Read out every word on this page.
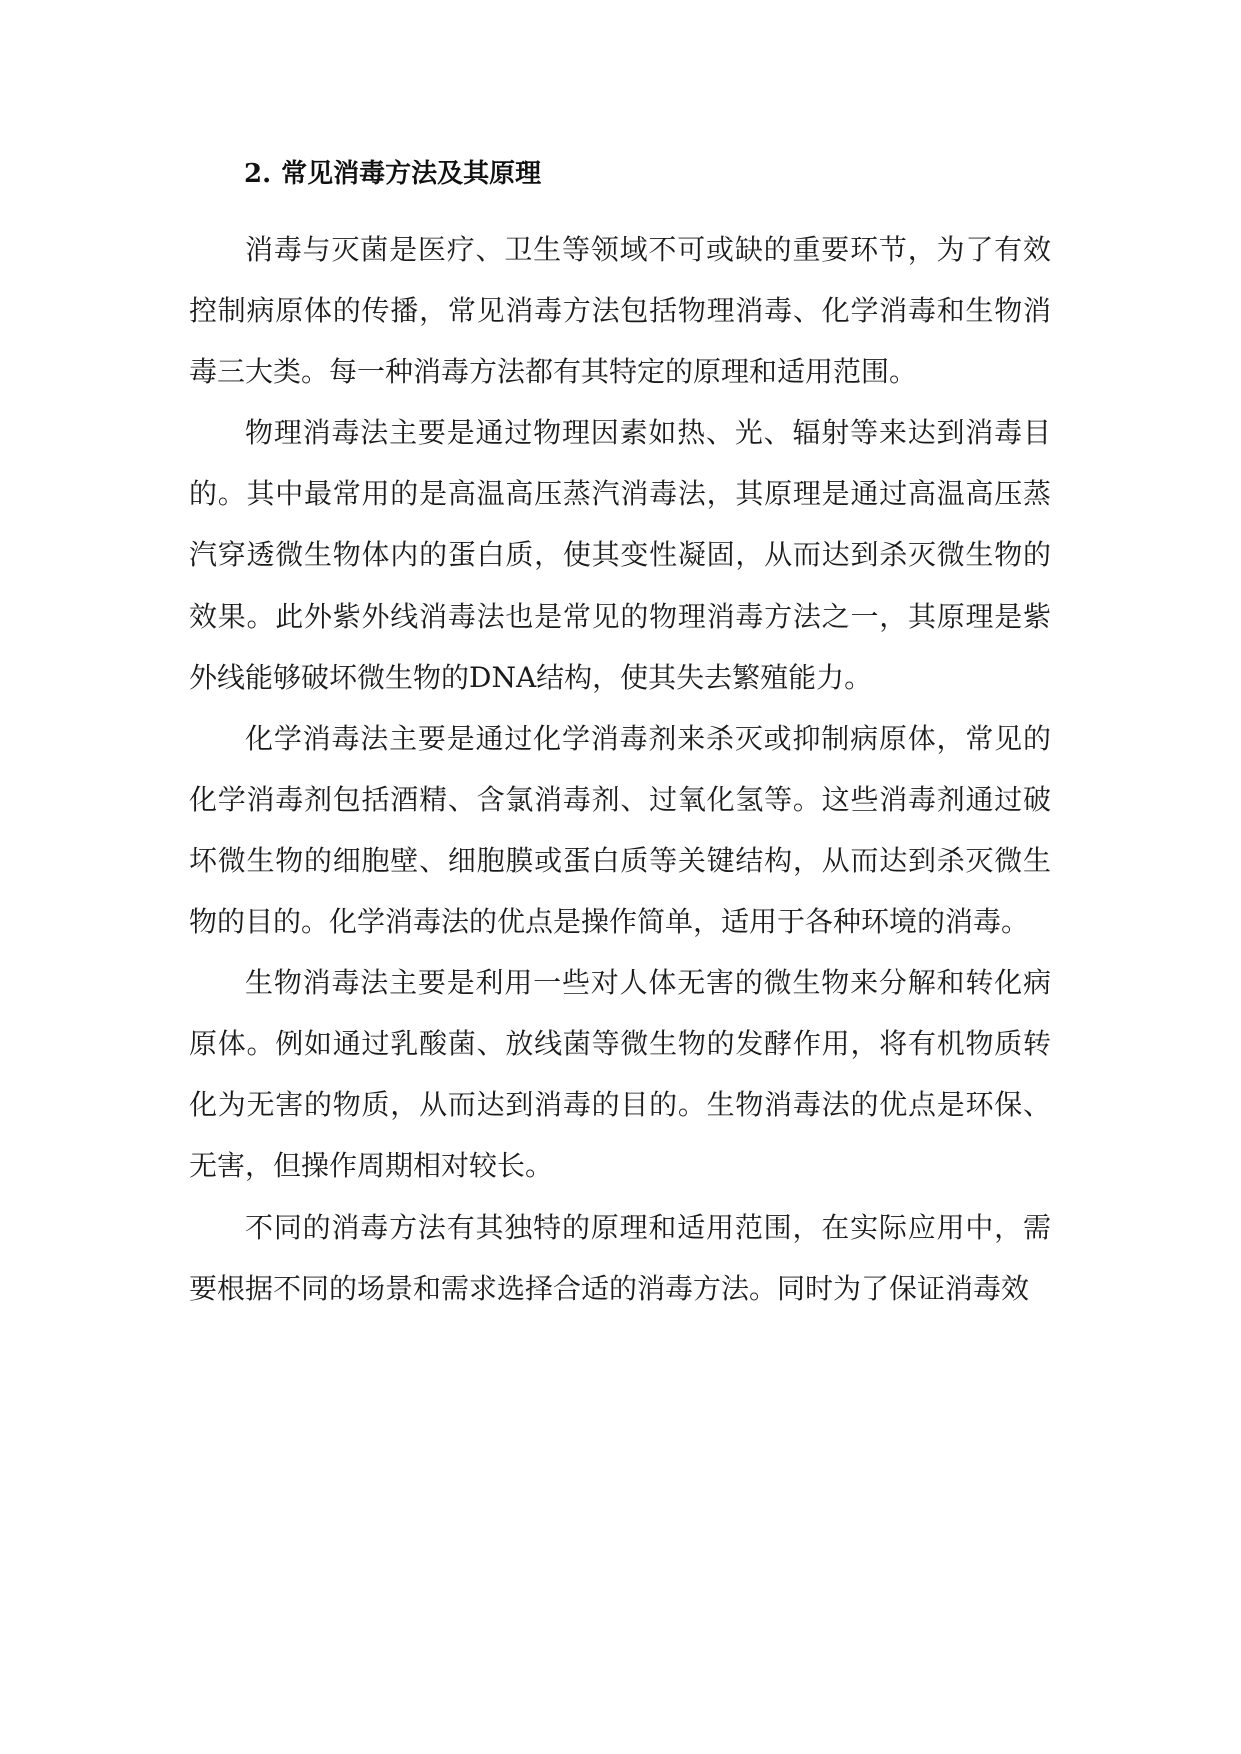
2. 常见消毒方法及其原理

消毒与灭菌是医疗、卫生等领域不可或缺的重要环节，为了有效控制病原体的传播，常见消毒方法包括物理消毒、化学消毒和生物消毒三大类。每一种消毒方法都有其特定的原理和适用范围。

物理消毒法主要是通过物理因素如热、光、辐射等来达到消毒目的。其中最常用的是高温高压蒸汽消毒法，其原理是通过高温高压蒸汽穿透微生物体内的蛋白质，使其变性凝固，从而达到杀灭微生物的效果。此外紫外线消毒法也是常见的物理消毒方法之一，其原理是紫外线能够破坏微生物的DNA结构，使其失去繁殖能力。

化学消毒法主要是通过化学消毒剂来杀灭或抑制病原体，常见的化学消毒剂包括酒精、含氯消毒剂、过氧化氢等。这些消毒剂通过破坏微生物的细胞壁、细胞膜或蛋白质等关键结构，从而达到杀灭微生物的目的。化学消毒法的优点是操作简单，适用于各种环境的消毒。

生物消毒法主要是利用一些对人体无害的微生物来分解和转化病原体。例如通过乳酸菌、放线菌等微生物的发酵作用，将有机物质转化为无害的物质，从而达到消毒的目的。生物消毒法的优点是环保、无害，但操作周期相对较长。

不同的消毒方法有其独特的原理和适用范围，在实际应用中，需要根据不同的场景和需求选择合适的消毒方法。同时为了保证消毒效
